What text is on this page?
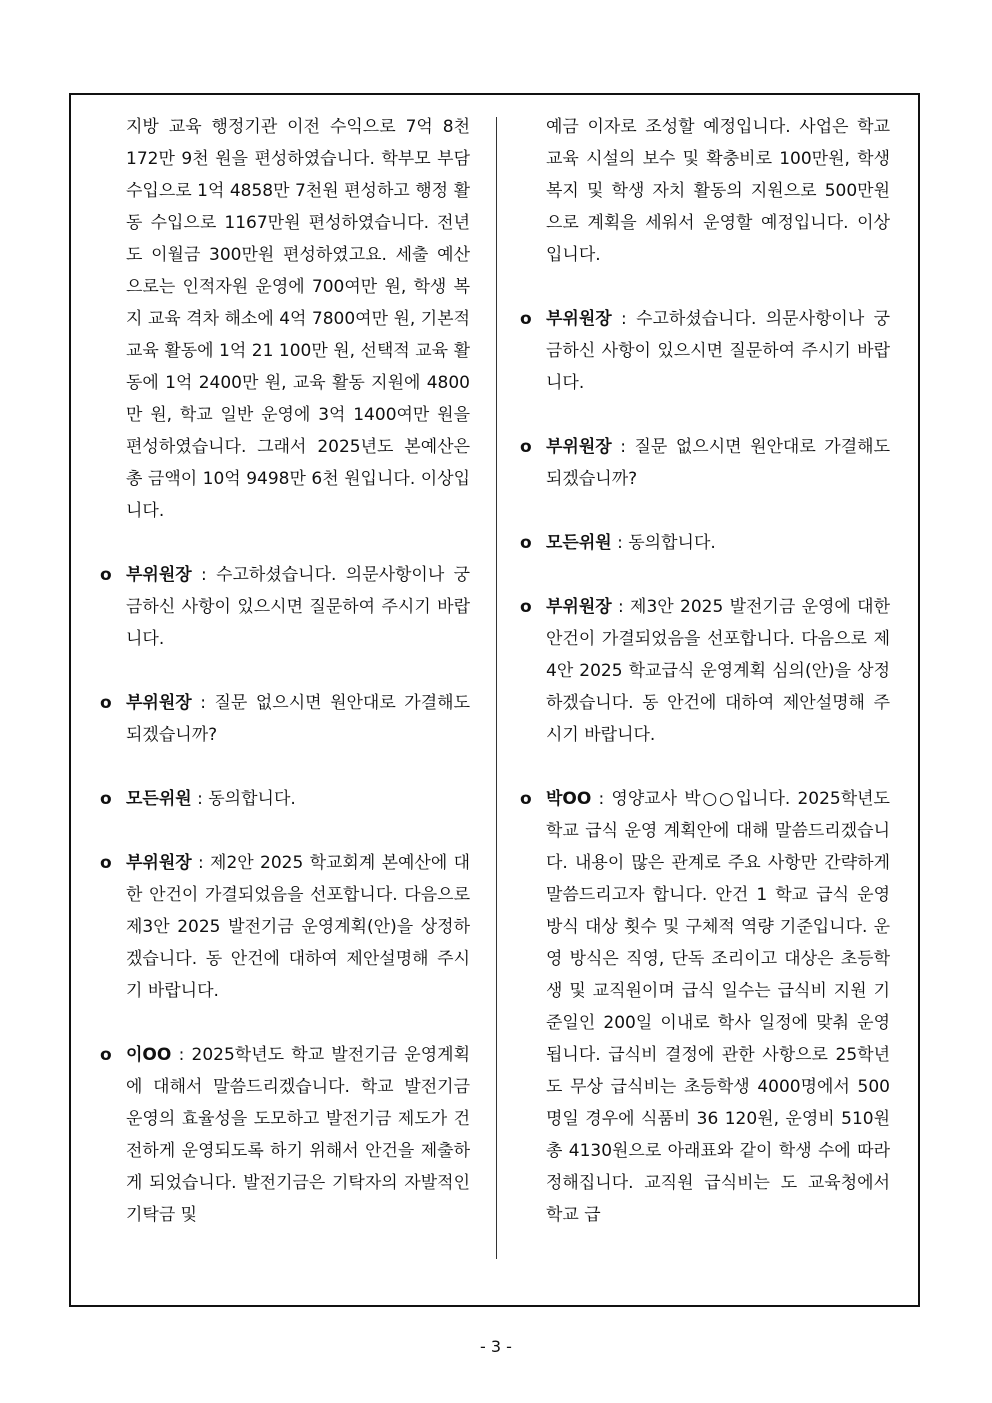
지방 교육 행정기관 이전 수익으로 7억 8천 172만 9천 원을 편성하였습니다. 학부모 부담 수입으로 1억 4858만 7천원 편성하고 행정 활동 수입으로 1167만원 편성하였습니다. 전년도 이월금 300만원 편성하였고요. 세출 예산으로는 인적자원 운영에 700여만 원, 학생 복지 교육 격차 해소에 4억 7800여만 원, 기본적 교육 활동에 1억 21 100만 원, 선택적 교육 활동에 1억 2400만 원, 교육 활동 지원에 4800만 원, 학교 일반 운영에 3억 1400여만 원을 편성하였습니다. 그래서 2025년도 본예산은 총 금액이 10억 9498만 6천 원입니다. 이상입니다.

o 부위원장 : 수고하셨습니다. 의문사항이나 궁금하신 사항이 있으시면 질문하여 주시기 바랍니다.

o 부위원장 : 질문 없으시면 원안대로 가결해도 되겠습니까?

o 모든위원 : 동의합니다.

o 부위원장 : 제2안 2025 학교회계 본예산에 대한 안건이 가결되었음을 선포합니다. 다음으로 제3안 2025 발전기금 운영계획(안)을 상정하겠습니다. 동 안건에 대하여 제안설명해 주시기 바랍니다.

o 이OO : 2025학년도 학교 발전기금 운영계획에 대해서 말씀드리겠습니다. 학교 발전기금 운영의 효율성을 도모하고 발전기금 제도가 건전하게 운영되도록 하기 위해서 안건을 제출하게 되었습니다. 발전기금은 기탁자의 자발적인 기탁금 및

예금 이자로 조성할 예정입니다. 사업은 학교 교육 시설의 보수 및 확충비로 100만원, 학생 복지 및 학생 자치 활동의 지원으로 500만원으로 계획을 세워서 운영할 예정입니다. 이상입니다.

o 부위원장 : 수고하셨습니다. 의문사항이나 궁금하신 사항이 있으시면 질문하여 주시기 바랍니다.

o 부위원장 : 질문 없으시면 원안대로 가결해도 되겠습니까?

o 모든위원 : 동의합니다.

o 부위원장 : 제3안 2025 발전기금 운영에 대한 안건이 가결되었음을 선포합니다. 다음으로 제4안 2025 학교급식 운영계획 심의(안)을 상정하겠습니다. 동 안건에 대하여 제안설명해 주시기 바랍니다.

o 박OO : 영양교사 박○○입니다. 2025학년도 학교 급식 운영 계획안에 대해 말씀드리겠습니다. 내용이 많은 관계로 주요 사항만 간략하게 말씀드리고자 합니다. 안건 1 학교 급식 운영 방식 대상 횟수 및 구체적 역량 기준입니다. 운영 방식은 직영, 단독 조리이고 대상은 초등학생 및 교직원이며 급식 일수는 급식비 지원 기준일인 200일 이내로 학사 일정에 맞춰 운영됩니다. 급식비 결정에 관한 사항으로 25학년도 무상 급식비는 초등학생 4000명에서 500명일 경우에 식품비 36 120원, 운영비 510원 총 4130원으로 아래표와 같이 학생 수에 따라 정해집니다. 교직원 급식비는 도 교육청에서 학교 급

- 3 -
